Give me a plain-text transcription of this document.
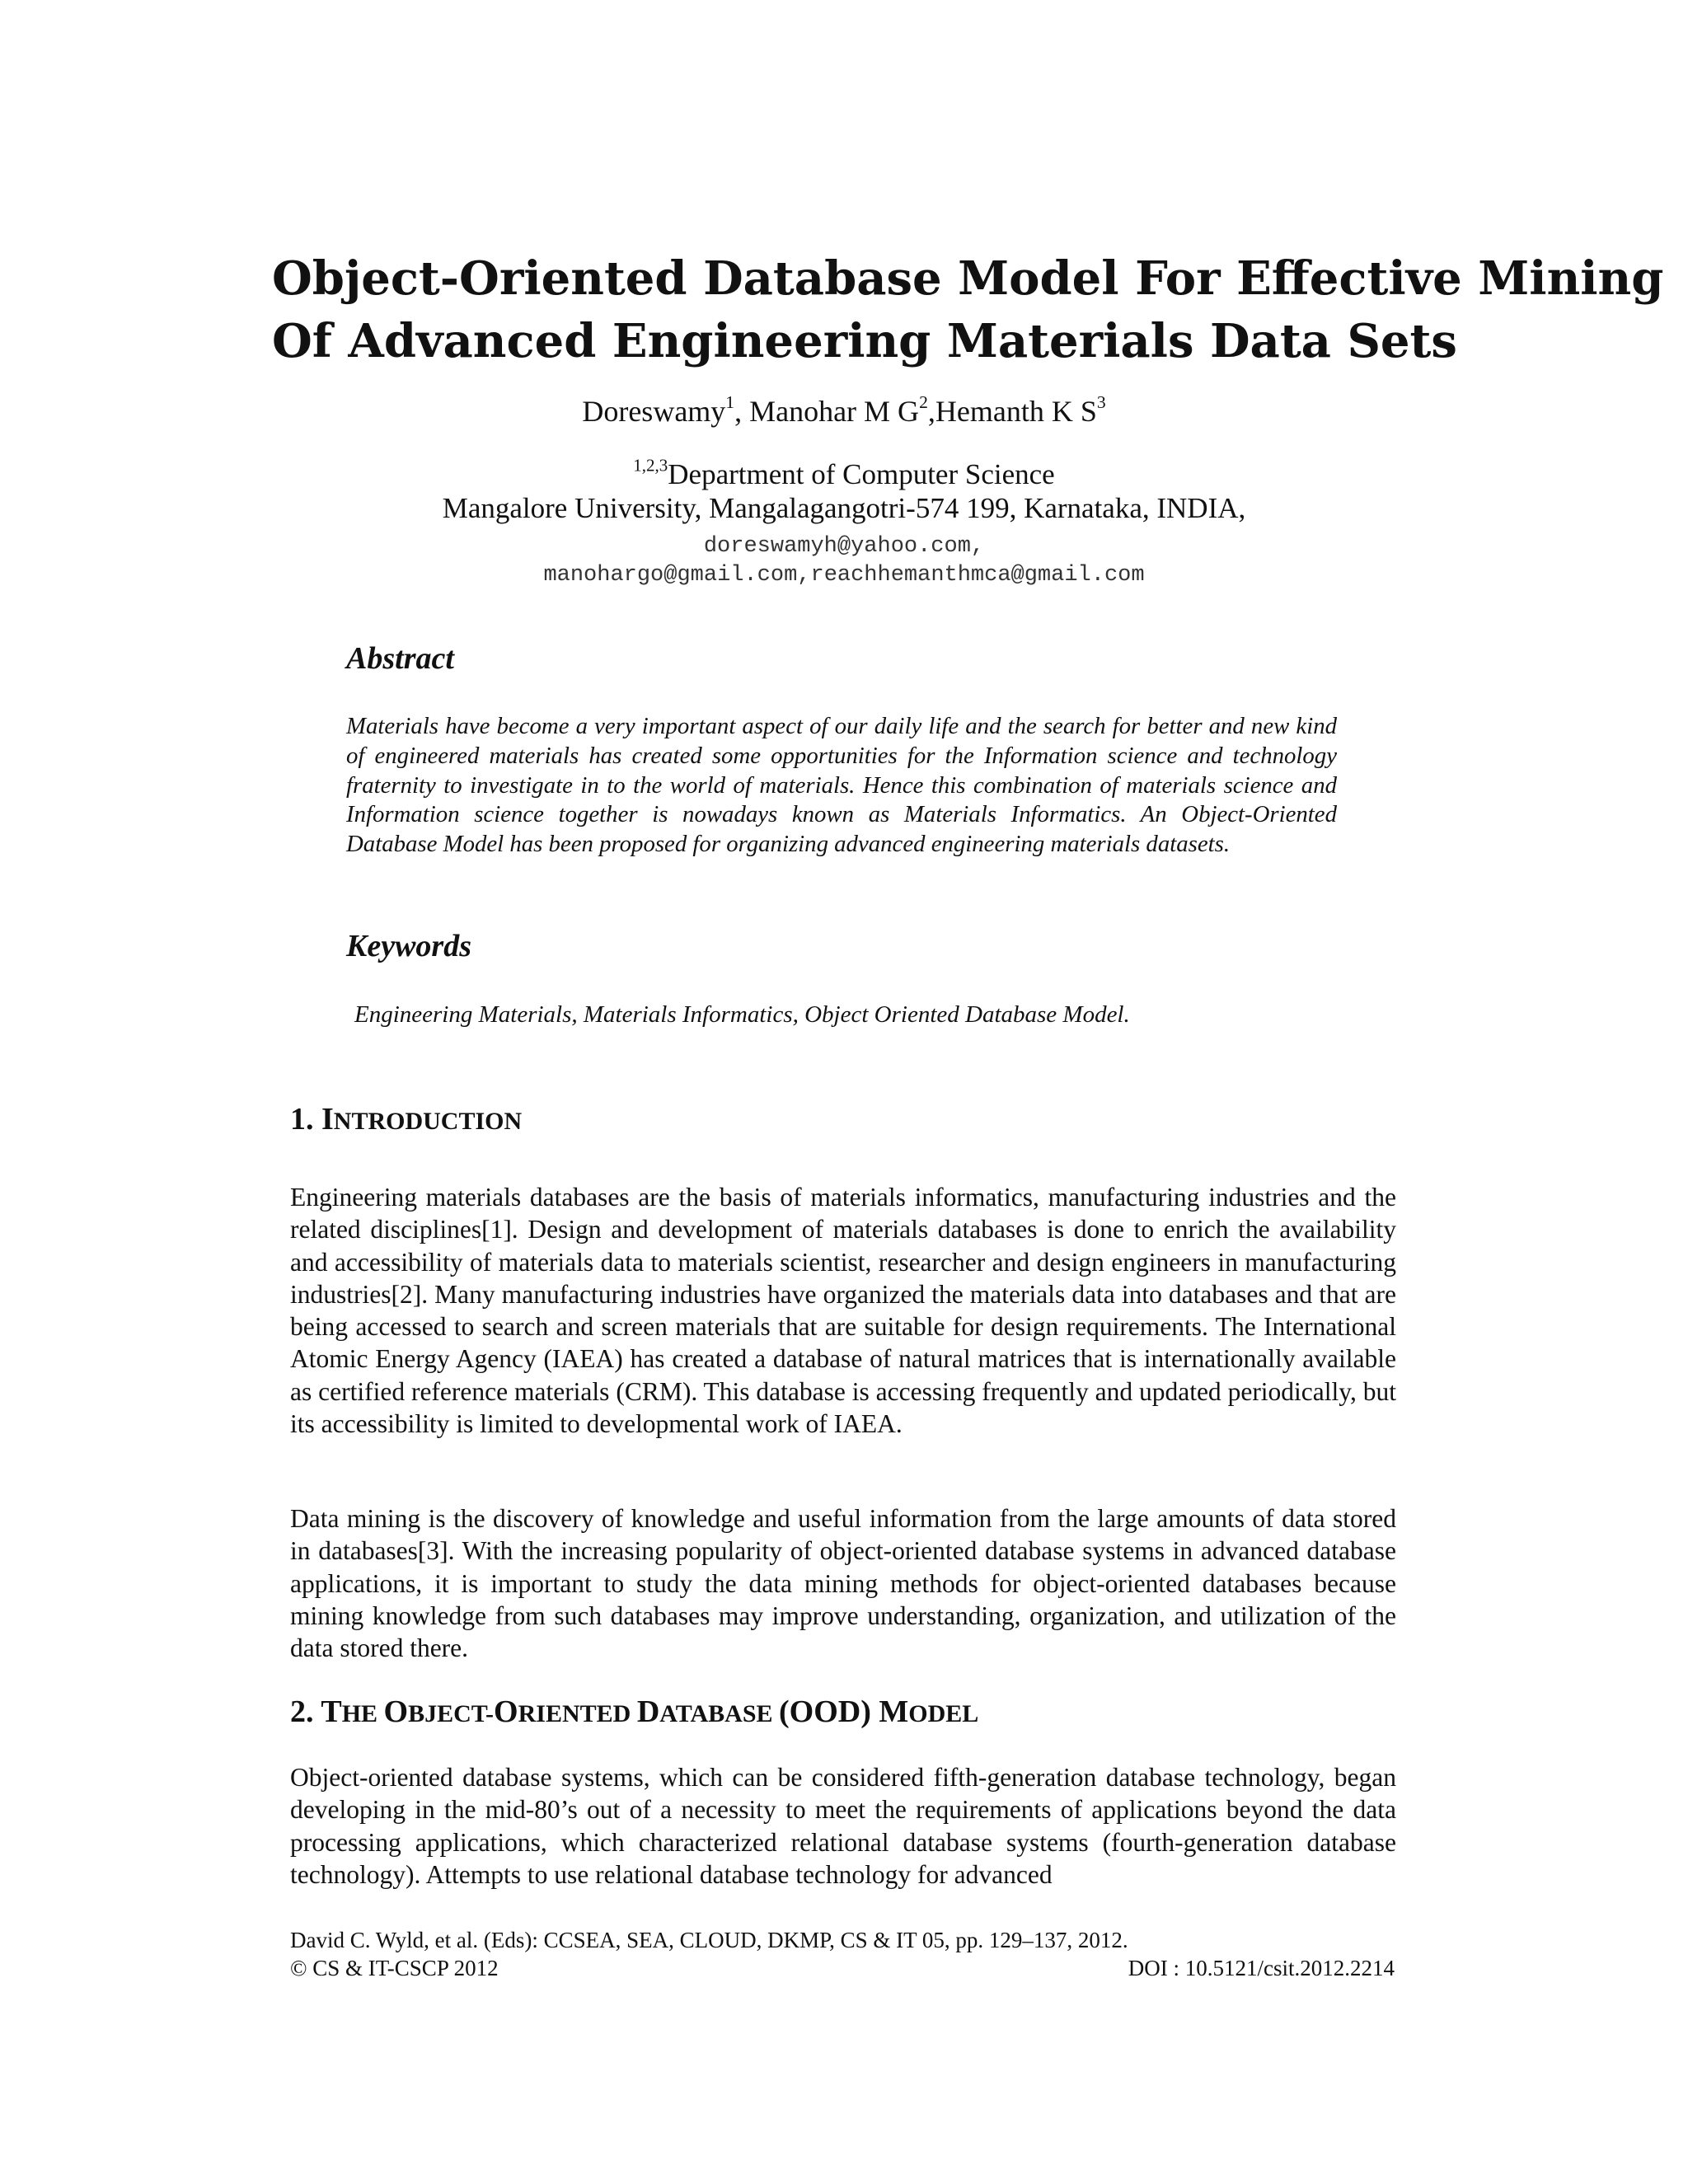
Object-Oriented Database Model For Effective Mining
Of Advanced Engineering Materials Data Sets
Doreswamy$^1$, Manohar M $G^2,Hemanth$ K $S^3$
$^{1,2,3}$Department of Computer Science
Mangalore University, Mangalagangotri-574 199, Karnataka, INDIA,
doreswamyh@yahoo.com,
manohargo@gmail.com,reachhemanthmca@gmail.com
Abstract

Materials have become a very important aspect of our daily life and the search for better and new kind of engineered materials has created some opportunities for the Information science and technology fraternity to investigate in to the world of materials. Hence this combination of materials science and Information science together is nowadays known as Materials Informatics. An Object-Oriented Database Model has been proposed for organizing advanced engineering materials datasets.

Keywords

Engineering Materials, Materials Informatics, Object Oriented Database Model.

1. INTRODUCTION

Engineering materials databases are the basis of materials informatics, manufacturing industries and the related disciplines[1]. Design and development of materials databases is done to enrich the availability and accessibility of materials data to materials scientist, researcher and design engineers in manufacturing industries[2]. Many manufacturing industries have organized the materials data into databases and that are being accessed to search and screen materials that are suitable for design requirements. The International Atomic Energy Agency (IAEA) has created a database of natural matrices that is internationally available as certified reference materials (CRM). This database is accessing frequently and updated periodically, but its accessibility is limited to developmental work of IAEA.

Data mining is the discovery of knowledge and useful information from the large amounts of data stored in databases[3]. With the increasing popularity of object-oriented database systems in advanced database applications, it is important to study the data mining methods for object-oriented databases because mining knowledge from such databases may improve understanding, organization, and utilization of the data stored there.

2. THE OBJECT-ORIENTED DATABASE (OOD) MODEL

Object-oriented database systems, which can be considered fifth-generation database technology, began developing in the mid-80’s out of a necessity to meet the requirements of applications beyond the data processing applications, which characterized relational database systems (fourth-generation database technology). Attempts to use relational database technology for advanced

David C. Wyld, et al. (Eds): CCSEA, SEA, CLOUD, DKMP, CS & IT 05, pp. 129–137, 2012.
© CS & IT-CSCP 2012	DOI : 10.5121/csit.2012.2214
